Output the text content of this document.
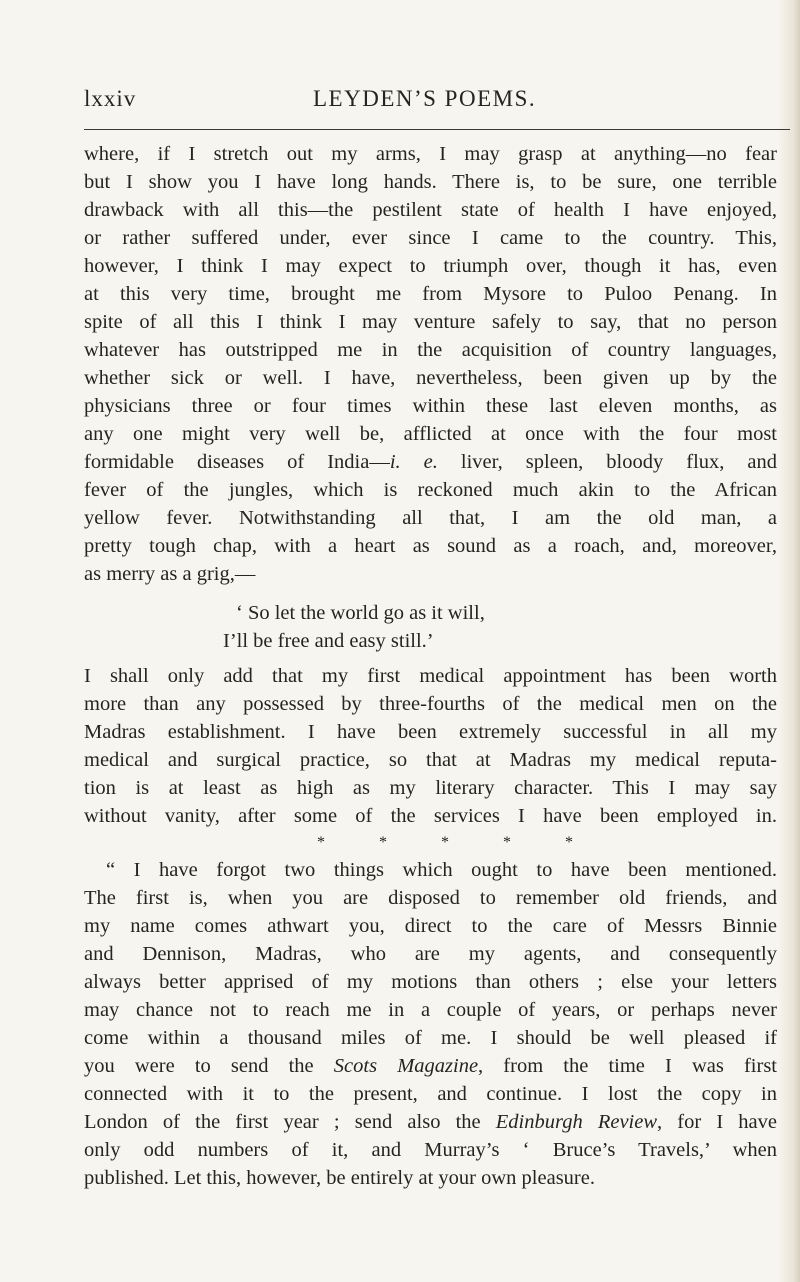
lxxiv	LEYDEN’S POEMS.
where, if I stretch out my arms, I may grasp at anything—no fear
but I show you I have long hands. There is, to be sure, one terrible
drawback with all this—the pestilent state of health I have enjoyed,
or rather suffered under, ever since I came to the country. This,
however, I think I may expect to triumph over, though it has, even
at this very time, brought me from Mysore to Puloo Penang. In
spite of all this I think I may venture safely to say, that no person
whatever has outstripped me in the acquisition of country languages,
whether sick or well. I have, nevertheless, been given up by the
physicians three or four times within these last eleven months, as
any one might very well be, afflicted at once with the four most
formidable diseases of India—i. e. liver, spleen, bloody flux, and
fever of the jungles, which is reckoned much akin to the African
yellow fever. Notwithstanding all that, I am the old man, a
pretty tough chap, with a heart as sound as a roach, and, moreover,
as merry as a grig,—
‘ So let the world go as it will,
I’ll be free and easy still.’
I shall only add that my first medical appointment has been worth
more than any possessed by three-fourths of the medical men on the
Madras establishment. I have been extremely successful in all my
medical and surgical practice, so that at Madras my medical reputa-
tion is at least as high as my literary character. This I may say
without vanity, after some of the services I have been employed in.
* * * * *
“ I have forgot two things which ought to have been mentioned.
The first is, when you are disposed to remember old friends, and
my name comes athwart you, direct to the care of Messrs Binnie
and Dennison, Madras, who are my agents, and consequently
always better apprised of my motions than others ; else your letters
may chance not to reach me in a couple of years, or perhaps never
come within a thousand miles of me. I should be well pleased if
you were to send the Scots Magazine, from the time I was first
connected with it to the present, and continue. I lost the copy in
London of the first year ; send also the Edinburgh Review, for I have
only odd numbers of it, and Murray’s ‘ Bruce’s Travels,’ when
published. Let this, however, be entirely at your own pleasure.
